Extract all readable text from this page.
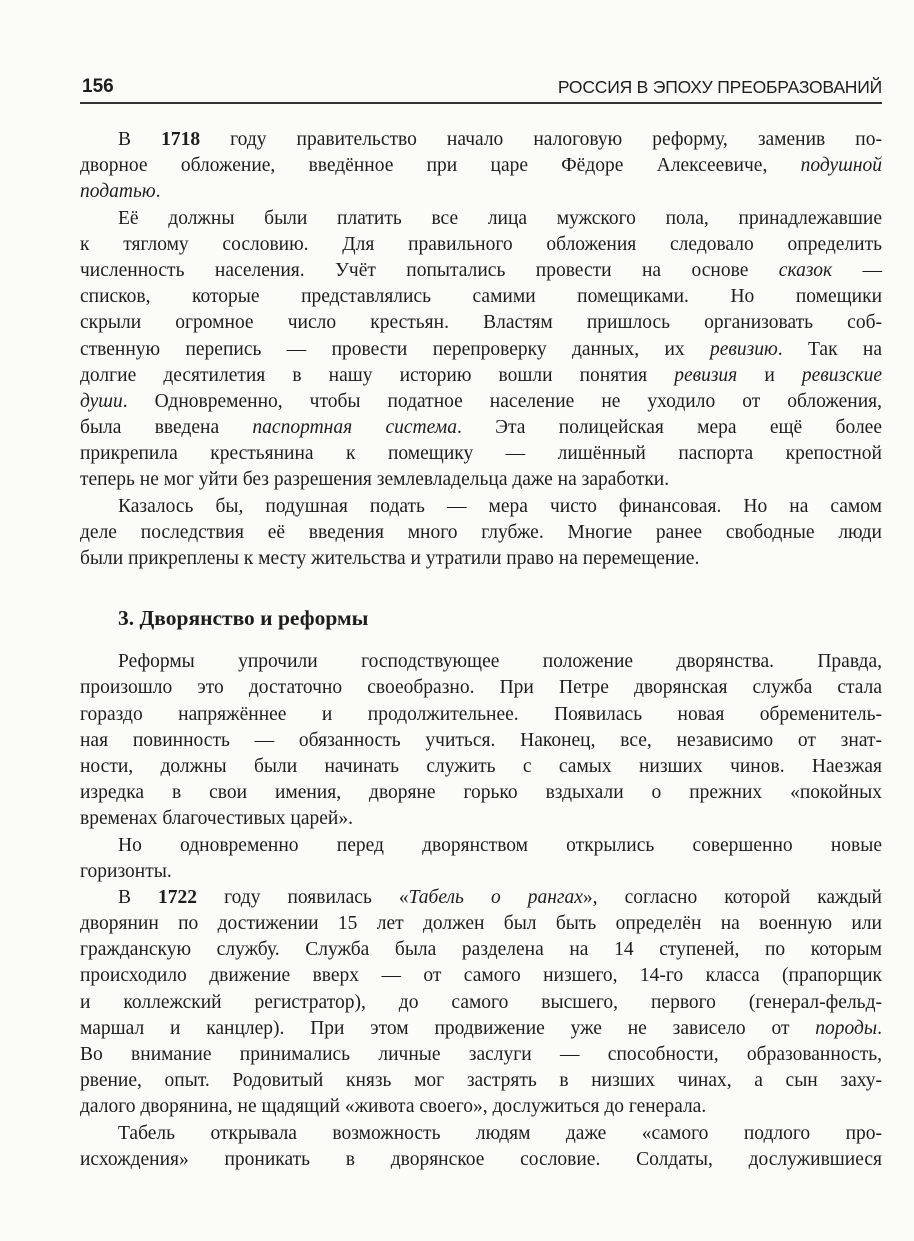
156	РОССИЯ В ЭПОХУ ПРЕОБРАЗОВАНИЙ
В 1718 году правительство начало налоговую реформу, заменив по-
дворное обложение, введённое при царе Фёдоре Алексеевиче, подушной
податью.
Её должны были платить все лица мужского пола, принадлежавшие
к тяглому сословию. Для правильного обложения следовало определить
численность населения. Учёт попытались провести на основе сказок —
списков, которые представлялись самими помещиками. Но помещики
скрыли огромное число крестьян. Властям пришлось организовать соб-
ственную перепись — провести перепроверку данных, их ревизию. Так на
долгие десятилетия в нашу историю вошли понятия ревизия и ревизские
души. Одновременно, чтобы податное население не уходило от обложения,
была введена паспортная система. Эта полицейская мера ещё более
прикрепила крестьянина к помещику — лишённый паспорта крепостной
теперь не мог уйти без разрешения землевладельца даже на заработки.
Казалось бы, подушная подать — мера чисто финансовая. Но на самом
деле последствия её введения много глубже. Многие ранее свободные люди
были прикреплены к месту жительства и утратили право на перемещение.
3. Дворянство и реформы
Реформы упрочили господствующее положение дворянства. Правда,
произошло это достаточно своеобразно. При Петре дворянская служба стала
гораздо напряжённее и продолжительнее. Появилась новая обременитель-
ная повинность — обязанность учиться. Наконец, все, независимо от знат-
ности, должны были начинать служить с самых низших чинов. Наезжая
изредка в свои имения, дворяне горько вздыхали о прежних «покойных
временах благочестивых царей».
Но одновременно перед дворянством открылись совершенно новые
горизонты.
В 1722 году появилась «Табель о рангах», согласно которой каждый
дворянин по достижении 15 лет должен был быть определён на военную или
гражданскую службу. Служба была разделена на 14 ступеней, по которым
происходило движение вверх — от самого низшего, 14-го класса (прапорщик
и коллежский регистратор), до самого высшего, первого (генерал-фельд-
маршал и канцлер). При этом продвижение уже не зависело от породы.
Во внимание принимались личные заслуги — способности, образованность,
рвение, опыт. Родовитый князь мог застрять в низших чинах, а сын заху-
далого дворянина, не щадящий «живота своего», дослужиться до генерала.
Табель открывала возможность людям даже «самого подлого про-
исхождения» проникать в дворянское сословие. Солдаты, дослужившиеся
